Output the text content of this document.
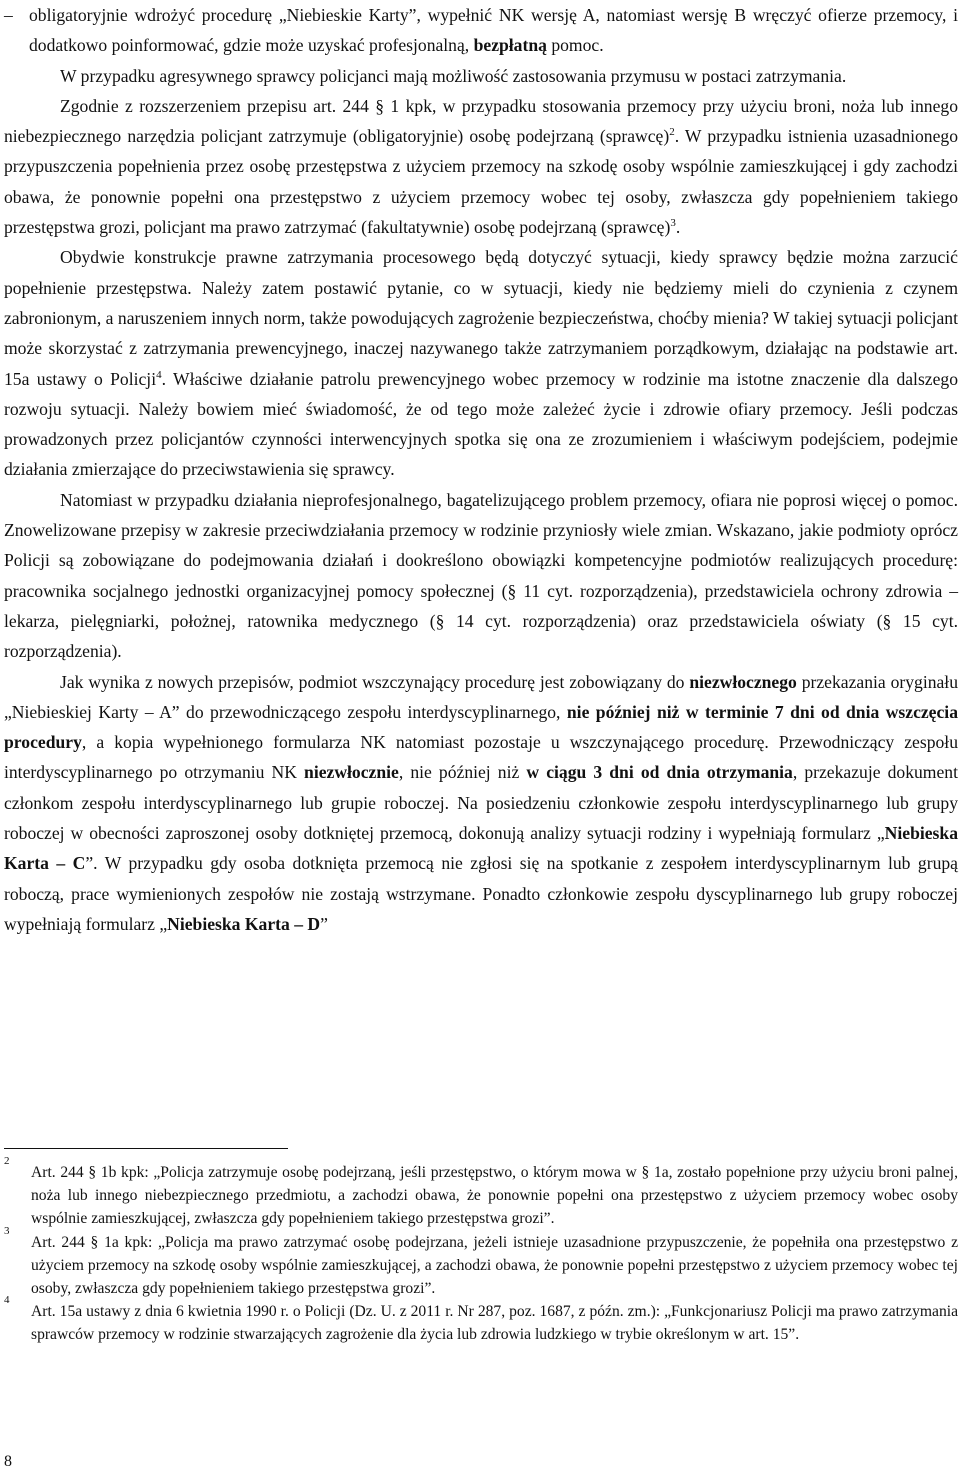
– obligatoryjnie wdrożyć procedurę „Niebieskie Karty”, wypełnić NK wersję A, natomiast wersję B wręczyć ofierze przemocy, i dodatkowo poinformować, gdzie może uzyskać profesjonalną, bezpłatną pomoc.

W przypadku agresywnego sprawcy policjanci mają możliwość zastosowania przymusu w postaci zatrzymania.

Zgodnie z rozszerzeniem przepisu art. 244 § 1 kpk, w przypadku stosowania przemocy przy użyciu broni, noża lub innego niebezpiecznego narzędzia policjant zatrzymuje (obligatoryjnie) osobę podejrzaną (sprawcę)$^2$. W przypadku istnienia uzasadnionego przypuszczenia popełnienia przez osobę przestępstwa z użyciem przemocy na szkodę osoby wspólnie zamieszkującej i gdy zachodzi obawa, że ponownie popełni ona przestępstwo z użyciem przemocy wobec tej osoby, zwłaszcza gdy popełnieniem takiego przestępstwa grozi, policjant ma prawo zatrzymać (fakultatywnie) osobę podejrzaną (sprawcę)$^3$.

Obydwie konstrukcje prawne zatrzymania procesowego będą dotyczyć sytuacji, kiedy sprawcy będzie można zarzucić popełnienie przestępstwa. Należy zatem postawić pytanie, co w sytuacji, kiedy nie będziemy mieli do czynienia z czynem zabronionym, a naruszeniem innych norm, także powodujących zagrożenie bezpieczeństwa, choćby mienia? W takiej sytuacji policjant może skorzystać z zatrzymania prewencyjnego, inaczej nazywanego także zatrzymaniem porządkowym, działając na podstawie art. 15a ustawy o Policji$^4$. Właściwe działanie patrolu prewencyjnego wobec przemocy w rodzinie ma istotne znaczenie dla dalszego rozwoju sytuacji. Należy bowiem mieć świadomość, że od tego może zależeć życie i zdrowie ofiary przemocy. Jeśli podczas prowadzonych przez policjantów czynności interwencyjnych spotka się ona ze zrozumieniem i właściwym podejściem, podejmie działania zmierzające do przeciwstawienia się sprawcy.

Natomiast w przypadku działania nieprofesjonalnego, bagatelizującego problem przemocy, ofiara nie poprosi więcej o pomoc. Znowelizowane przepisy w zakresie przeciwdziałania przemocy w rodzinie przyniosły wiele zmian. Wskazano, jakie podmioty oprócz Policji są zobowiązane do podejmowania działań i dookreślono obowiązki kompetencyjne podmiotów realizujących procedurę: pracownika socjalnego jednostki organizacyjnej pomocy społecznej (§ 11 cyt. rozporządzenia), przedstawiciela ochrony zdrowia – lekarza, pielęgniarki, położnej, ratownika medycznego (§ 14 cyt. rozporządzenia) oraz przedstawiciela oświaty (§ 15 cyt. rozporządzenia).

Jak wynika z nowych przepisów, podmiot wszczynający procedurę jest zobowiązany do niezwłocznego przekazania oryginału „Niebieskiej Karty – A” do przewodniczącego zespołu interdyscyplinarnego, nie później niż w terminie 7 dni od dnia wszczęcia procedury, a kopia wypełnionego formularza NK natomiast pozostaje u wszczynającego procedurę. Przewodniczący zespołu interdyscyplinarnego po otrzymaniu NK niezwłocznie, nie później niż w ciągu 3 dni od dnia otrzymania, przekazuje dokument członkom zespołu interdyscyplinarnego lub grupie roboczej. Na posiedzeniu członkowie zespołu interdyscyplinarnego lub grupy roboczej w obecności zaproszonej osoby dotkniętej przemocą, dokonują analizy sytuacji rodziny i wypełniają formularz „Niebieska Karta – C”. W przypadku gdy osoba dotknięta przemocą nie zgłosi się na spotkanie z zespołem interdyscyplinarnym lub grupą roboczą, prace wymienionych zespołów nie zostają wstrzymane. Ponadto członkowie zespołu dyscyplinarnego lub grupy roboczej wypełniają formularz „Niebieska Karta – D”

2
Art. 244 § 1b kpk: „Policja zatrzymuje osobę podejrzaną, jeśli przestępstwo, o którym mowa w § 1a, zostało popełnione przy użyciu broni palnej, noża lub innego niebezpiecznego przedmiotu, a zachodzi obawa, że ponownie popełni ona przestępstwo z użyciem przemocy wobec osoby wspólnie zamieszkującej, zwłaszcza gdy popełnieniem takiego przestępstwa grozi”.
3
Art. 244 § 1a kpk: „Policja ma prawo zatrzymać osobę podejrzana, jeżeli istnieje uzasadnione przypuszczenie, że popełniła ona przestępstwo z użyciem przemocy na szkodę osoby wspólnie zamieszkującej, a zachodzi obawa, że ponownie popełni przestępstwo z użyciem przemocy wobec tej osoby, zwłaszcza gdy popełnieniem takiego przestępstwa grozi”.
4
Art. 15a ustawy z dnia 6 kwietnia 1990 r. o Policji (Dz. U. z 2011 r. Nr 287, poz. 1687, z późn. zm.): „Funkcjonariusz Policji ma prawo zatrzymania sprawców przemocy w rodzinie stwarzających zagrożenie dla życia lub zdrowia ludzkiego w trybie określonym w art. 15”.
8
